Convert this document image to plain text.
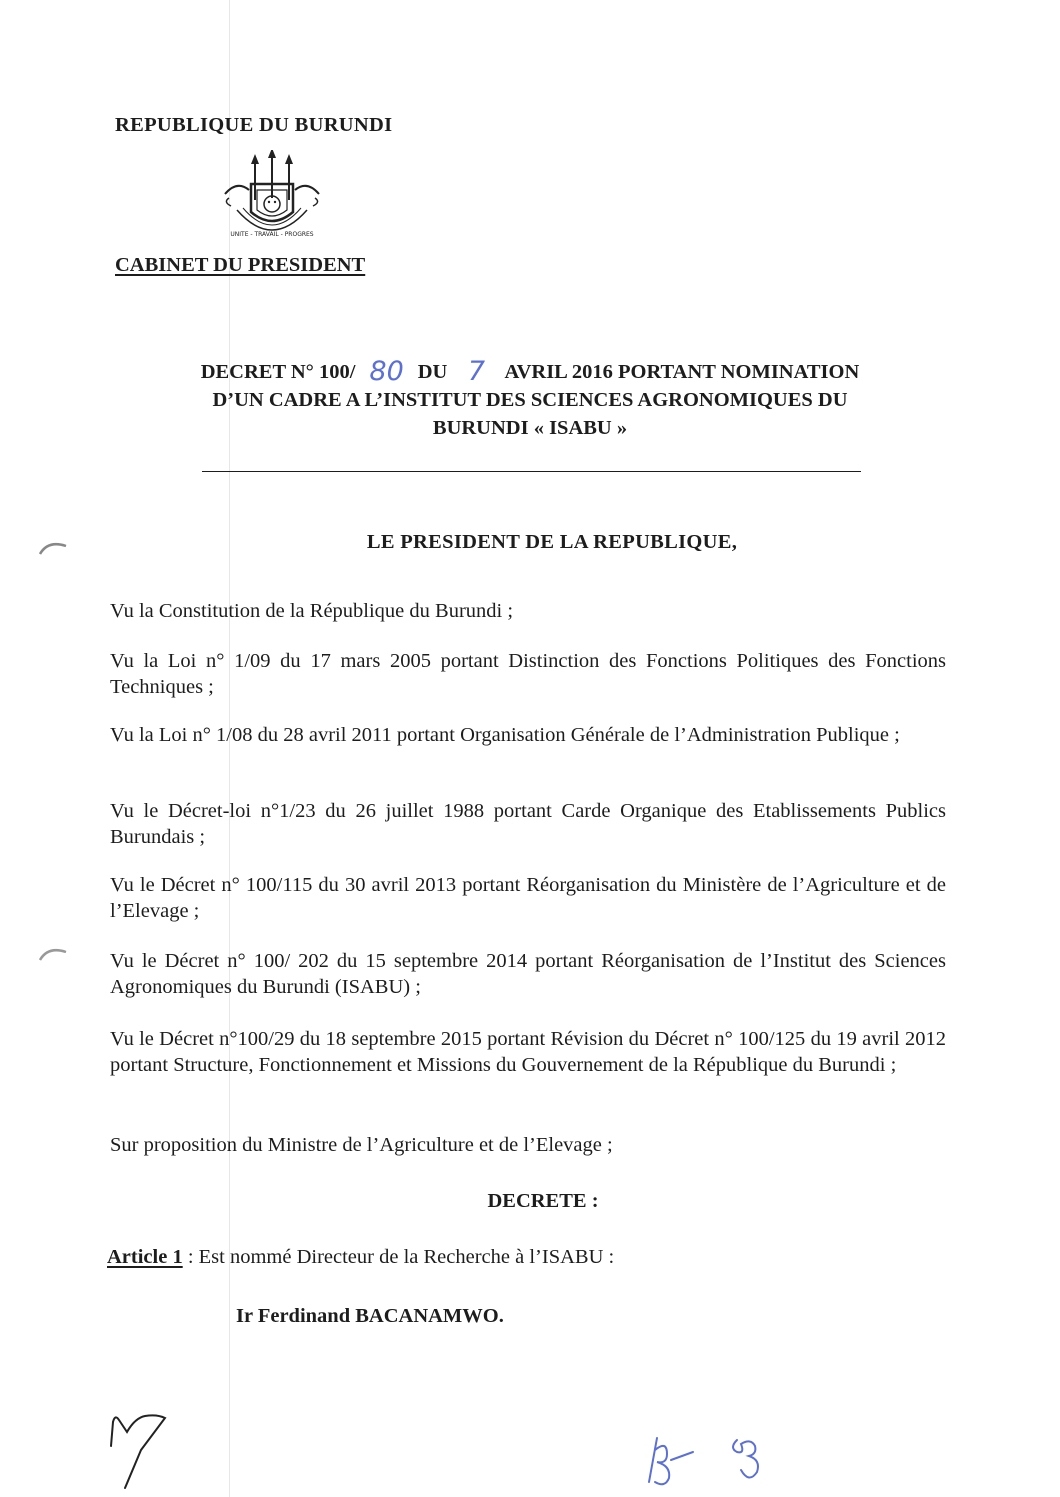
REPUBLIQUE DU BURUNDI
UNITE - TRAVAIL - PROGRES
CABINET DU PRESIDENT
DECRET N° 100/ 80 DU 7 AVRIL 2016 PORTANT NOMINATION
D’UN CADRE A L’INSTITUT DES SCIENCES AGRONOMIQUES DU
BURUNDI « ISABU »
LE PRESIDENT DE LA REPUBLIQUE,
Vu la Constitution de la République du Burundi ;
Vu la Loi n° 1/09 du 17 mars 2005 portant Distinction des Fonctions Politiques des Fonctions Techniques ;
Vu la Loi n° 1/08 du 28 avril 2011 portant Organisation Générale de l’Administration Publique ;
Vu le Décret-loi n°1/23 du 26 juillet 1988 portant Carde Organique des Etablissements Publics Burundais ;
Vu le Décret n° 100/115 du 30 avril 2013 portant Réorganisation du Ministère de l’Agriculture et de l’Elevage ;
Vu le Décret n° 100/ 202 du 15 septembre 2014 portant Réorganisation de l’Institut des Sciences Agronomiques du Burundi (ISABU) ;
Vu le Décret n°100/29 du 18 septembre 2015 portant Révision du Décret n° 100/125 du 19 avril 2012 portant Structure, Fonctionnement et Missions du Gouvernement de la République du Burundi ;
Sur proposition du Ministre de l’Agriculture et de l’Elevage ;
DECRETE :
Article 1 : Est nommé Directeur de la Recherche à l’ISABU :
Ir Ferdinand BACANAMWO.
